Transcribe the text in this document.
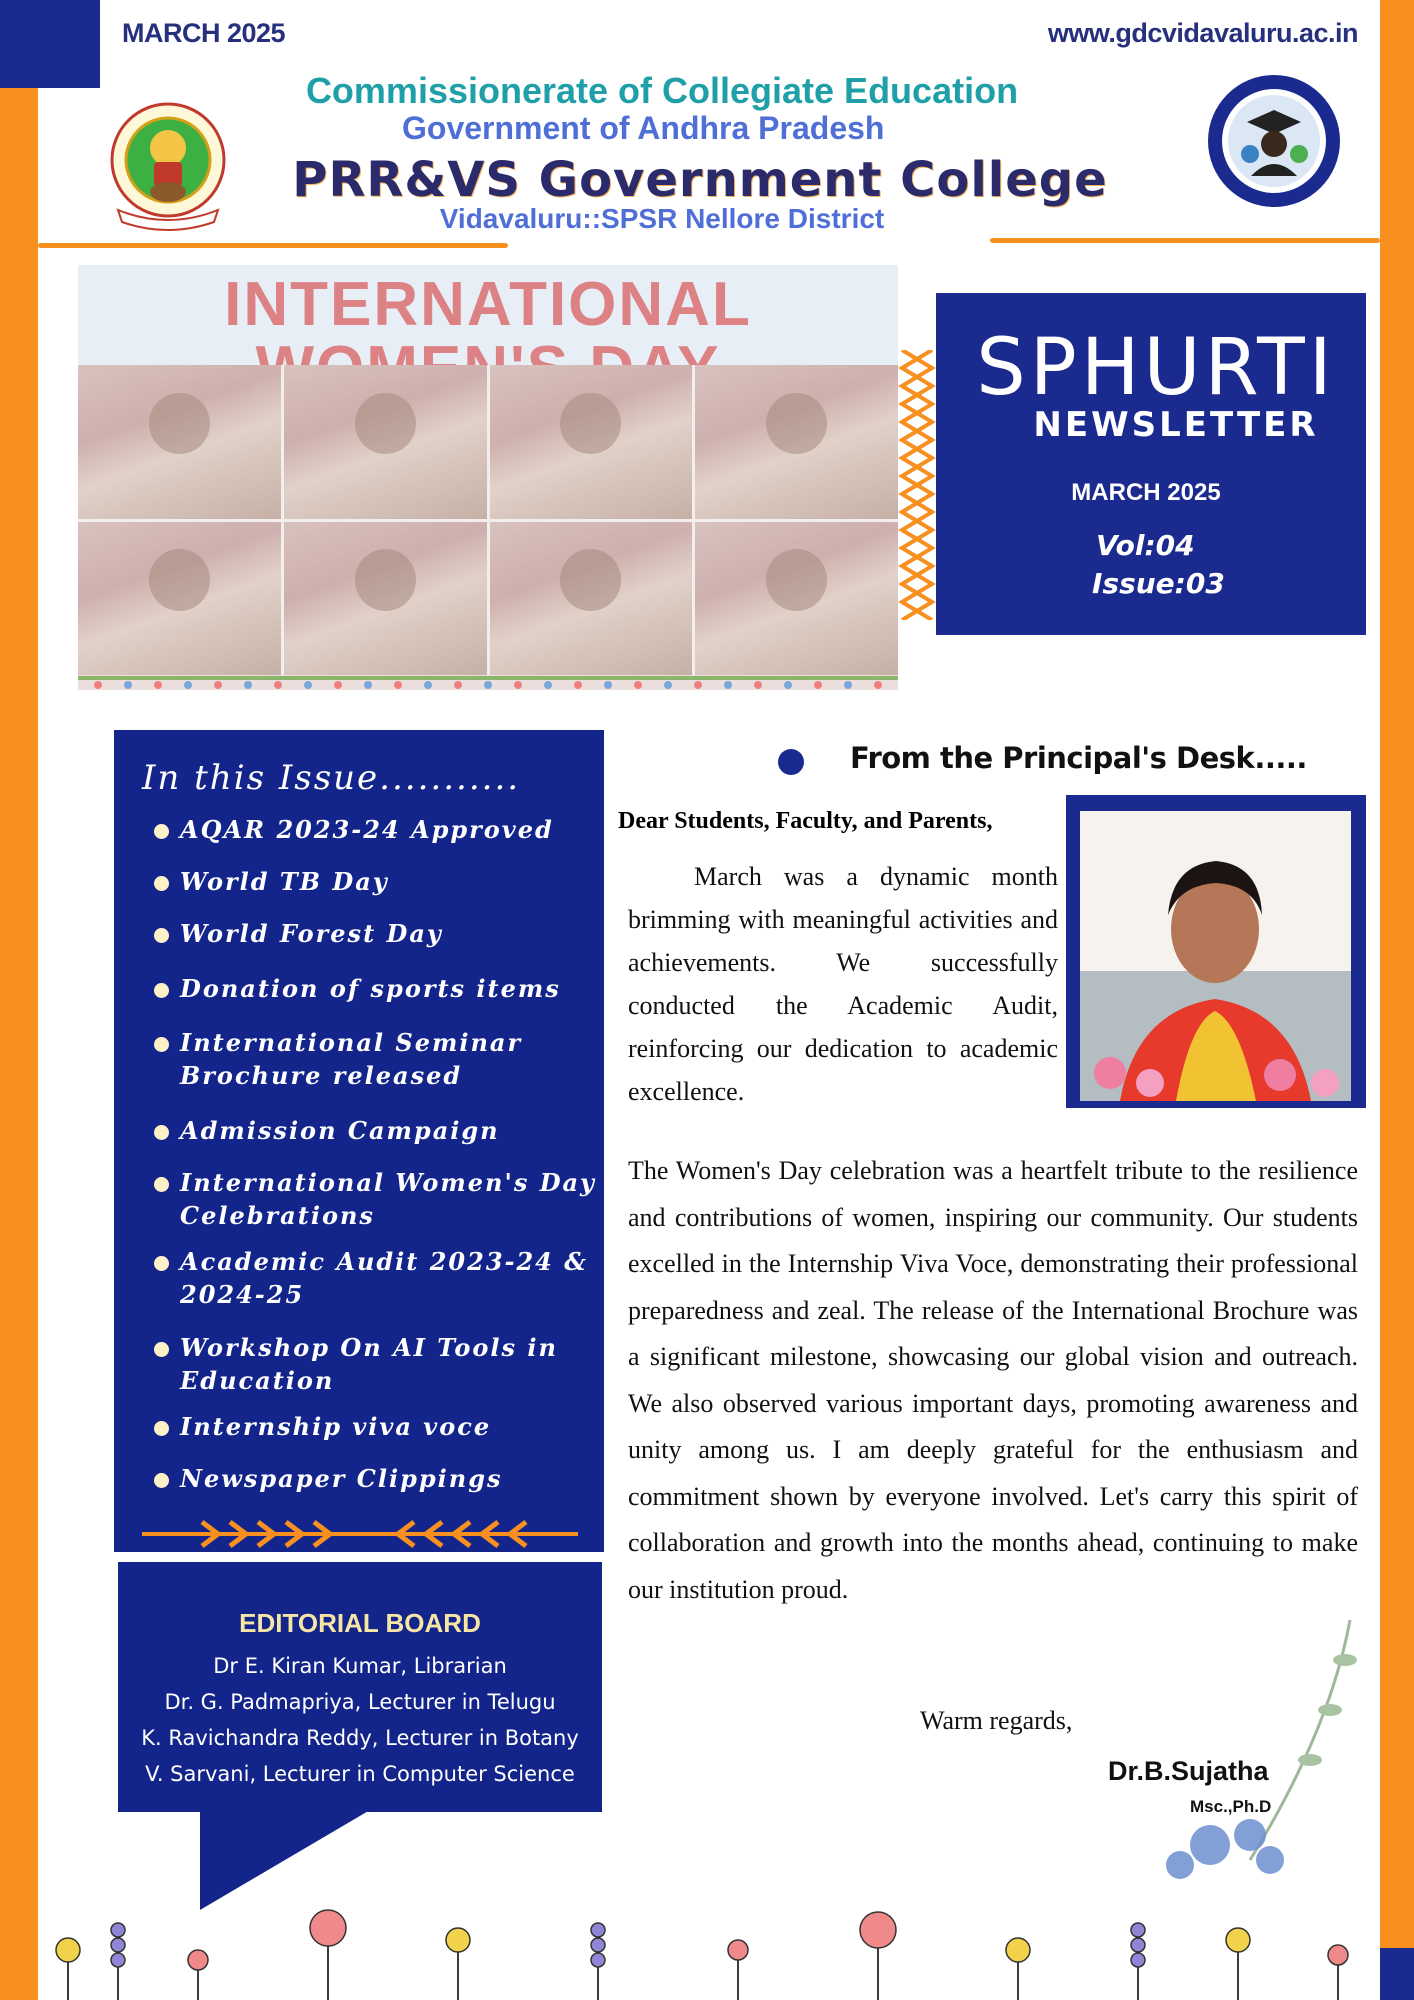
MARCH 2025	www.gdcvidavaluru.ac.in
Commissionerate of Collegiate Education
Government of Andhra Pradesh
PRR&VS Government College
Vidavaluru::SPSR Nellore District
INTERNATIONAL
SPHURTI
NEWSLETTER
MARCH 2025
Vol:04
Issue:03
In this Issue...........
AQAR 2023-24 Approved
World TB Day
World Forest Day
Donation of sports items
International Seminar
Brochure released
Admission Campaign
International Women's Day
Celebrations
Academic Audit 2023-24 &
2024-25
Workshop On AI Tools in
Education
Internship viva voce
Newspaper Clippings
EDITORIAL BOARD
Dr E. Kiran Kumar, Librarian
Dr. G. Padmapriya, Lecturer in Telugu
K. Ravichandra Reddy, Lecturer in Botany
V. Sarvani, Lecturer in Computer Science
From the Principal's Desk.....
Dear Students, Faculty, and Parents,
March was a dynamic month brimming with meaningful activities and achievements. We successfully conducted the Academic Audit, reinforcing our dedication to academic excellence.
The Women's Day celebration was a heartfelt tribute to the resilience and contributions of women, inspiring our community. Our students excelled in the Internship Viva Voce, demonstrating their professional preparedness and zeal. The release of the International Brochure was a significant milestone, showcasing our global vision and outreach. We also observed various important days, promoting awareness and unity among us. I am deeply grateful for the enthusiasm and commitment shown by everyone involved. Let's carry this spirit of collaboration and growth into the months ahead, continuing to make our institution proud.
Warm regards,
Dr.B.Sujatha
Msc.,Ph.D
